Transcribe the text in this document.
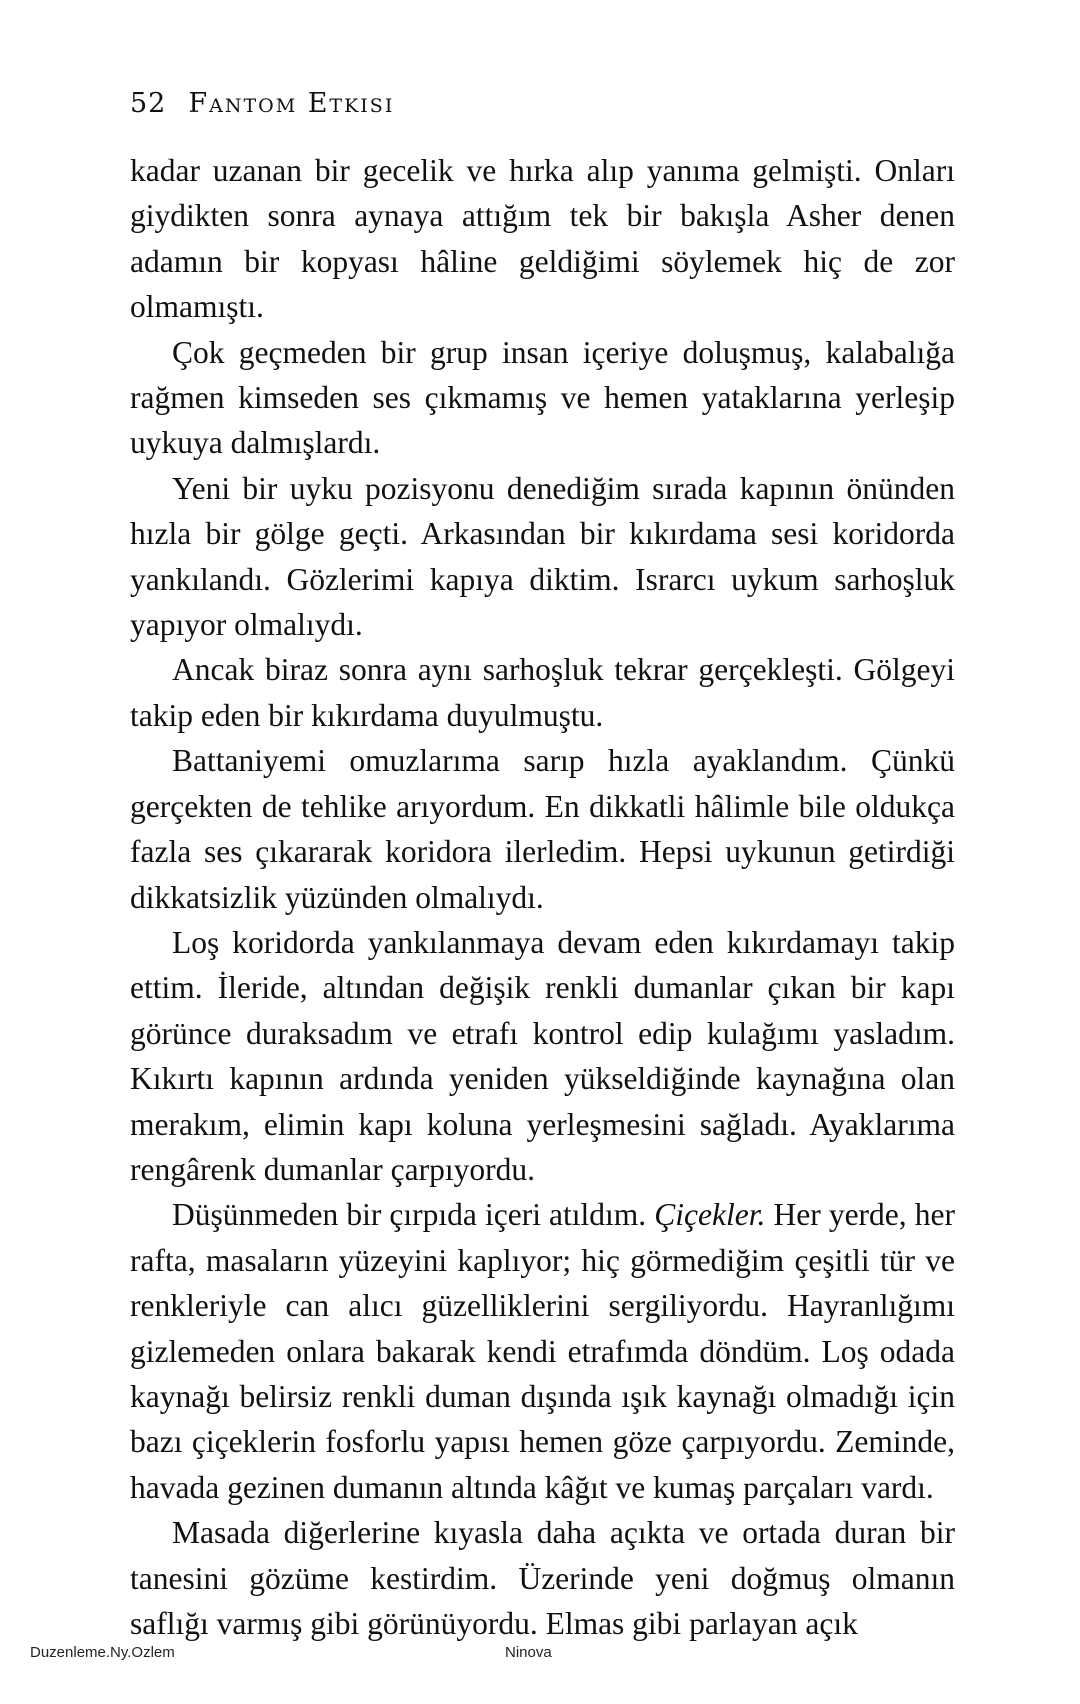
52 Fantom Etkisi

kadar uzanan bir gecelik ve hırka alıp yanıma gelmişti. Onları giydikten sonra aynaya attığım tek bir bakışla Asher denen adamın bir kopyası hâline geldiğimi söylemek hiç de zor olmamıştı.

Çok geçmeden bir grup insan içeriye doluşmuş, kalabalığa rağmen kimseden ses çıkmamış ve hemen yataklarına yerleşip uykuya dalmışlardı.

Yeni bir uyku pozisyonu denediğim sırada kapının önünden hızla bir gölge geçti. Arkasından bir kıkırdama sesi koridorda yankılandı. Gözlerimi kapıya diktim. Israrcı uykum sarhoşluk yapıyor olmalıydı.

Ancak biraz sonra aynı sarhoşluk tekrar gerçekleşti. Gölgeyi takip eden bir kıkırdama duyulmuştu.

Battaniyemi omuzlarıma sarıp hızla ayaklandım. Çünkü gerçekten de tehlike arıyordum. En dikkatli hâlimle bile oldukça fazla ses çıkararak koridora ilerledim. Hepsi uykunun getirdiği dikkatsizlik yüzünden olmalıydı.

Loş koridorda yankılanmaya devam eden kıkırdamayı takip ettim. İleride, altından değişik renkli dumanlar çıkan bir kapı görünce duraksadım ve etrafı kontrol edip kulağımı yasladım. Kıkırtı kapının ardında yeniden yükseldiğinde kaynağına olan merakım, elimin kapı koluna yerleşmesini sağladı. Ayaklarıma rengârenk dumanlar çarpıyordu.

Düşünmeden bir çırpıda içeri atıldım. Çiçekler. Her yerde, her rafta, masaların yüzeyini kaplıyor; hiç görmediğim çeşitli tür ve renkleriyle can alıcı güzelliklerini sergiliyordu. Hayranlığımı gizlemeden onlara bakarak kendi etrafımda döndüm. Loş odada kaynağı belirsiz renkli duman dışında ışık kaynağı olmadığı için bazı çiçeklerin fosforlu yapısı hemen göze çarpıyordu. Zeminde, havada gezinen dumanın altında kâğıt ve kumaş parçaları vardı.

Masada diğerlerine kıyasla daha açıkta ve ortada duran bir tanesini gözüme kestirdim. Üzerinde yeni doğmuş olmanın saflığı varmış gibi görünüyordu. Elmas gibi parlayan açık

Duzenleme.Ny.Ozlem	Ninova
